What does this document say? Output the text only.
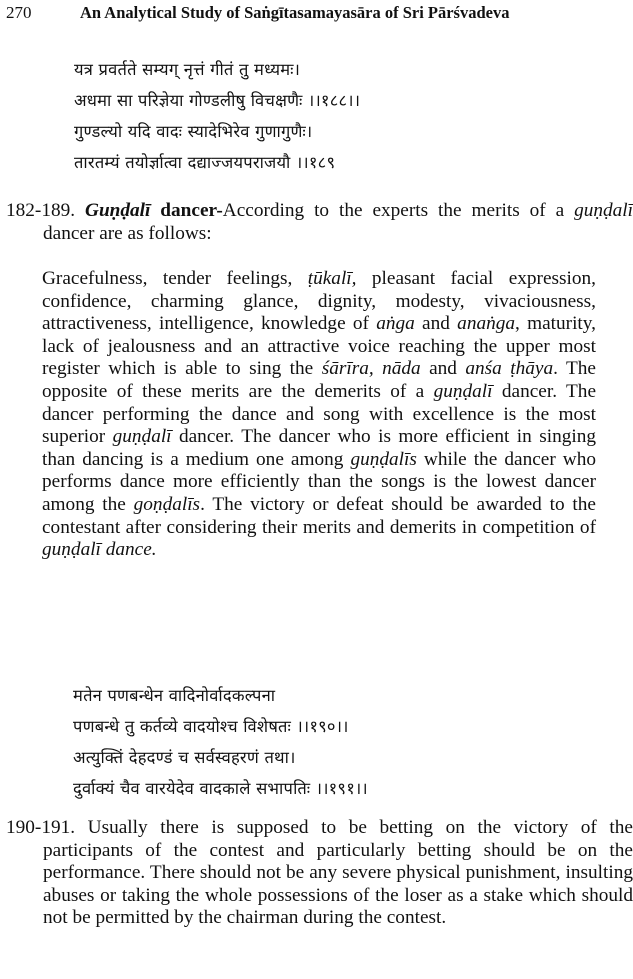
270	An Analytical Study of Saṅgītasamayasāra of Sri Pārśvadeva
यत्र प्रवर्तते सम्यग् नृत्तं गीतं तु मध्यमः।
अधमा सा परिज्ञेया गोण्डलीषु विचक्षणैः ।।१८८।।
गुण्डल्यो यदि वादः स्यादेभिरेव गुणागुणैः।
तारतम्यं तयोर्ज्ञात्वा दद्याज्जयपराजयौ ।।१८९
182-189. Guṇḍalī dancer-According to the experts the merits of a guṇḍalī dancer are as follows:
Gracefulness, tender feelings, ṭūkalī, pleasant facial expression, confidence, charming glance, dignity, modesty, vivaciousness, attractiveness, intelligence, knowledge of aṅga and anaṅga, maturity, lack of jealousness and an attractive voice reaching the upper most register which is able to sing the śārīra, nāda and anśa ṭhāya. The opposite of these merits are the demerits of a guṇḍalī dancer. The dancer performing the dance and song with excellence is the most superior guṇḍalī dancer. The dancer who is more efficient in singing than dancing is a medium one among guṇḍalīs while the dancer who performs dance more efficiently than the songs is the lowest dancer among the goṇḍalīs. The victory or defeat should be awarded to the contestant after considering their merits and demerits in competition of guṇḍalī dance.
मतेन पणबन्धेन वादिनोर्वादकल्पना
पणबन्धे तु कर्तव्ये वादयोश्च विशेषतः ।।१९०।।
अत्युक्तिं देहदण्डं च सर्वस्वहरणं तथा।
दुर्वाक्यं चैव वारयेदेव वादकाले सभापतिः ।।१९१।।
190-191. Usually there is supposed to be betting on the victory of the participants of the contest and particularly betting should be on the performance. There should not be any severe physical punishment, insulting abuses or taking the whole possessions of the loser as a stake which should not be permitted by the chairman during the contest.
